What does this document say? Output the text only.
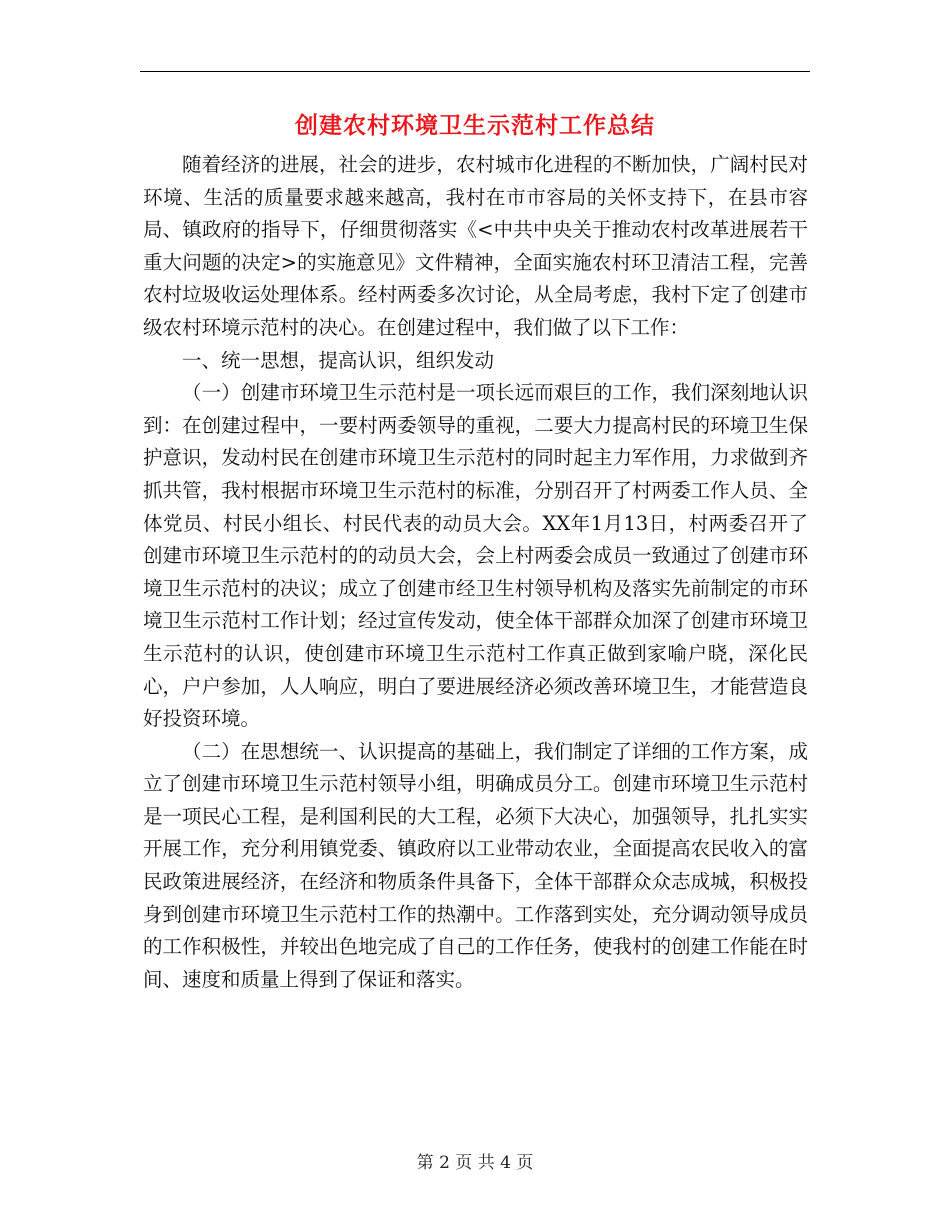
创建农村环境卫生示范村工作总结

随着经济的进展，社会的进步，农村城市化进程的不断加快，广阔村民对环境、生活的质量要求越来越高，我村在市市容局的关怀支持下，在县市容局、镇政府的指导下，仔细贯彻落实《<中共中央关于推动农村改革进展若干重大问题的决定>的实施意见》文件精神，全面实施农村环卫清洁工程，完善农村垃圾收运处理体系。经村两委多次讨论，从全局考虑，我村下定了创建市级农村环境示范村的决心。在创建过程中，我们做了以下工作：

一、统一思想，提高认识，组织发动

（一）创建市环境卫生示范村是一项长远而艰巨的工作，我们深刻地认识到：在创建过程中，一要村两委领导的重视，二要大力提高村民的环境卫生保护意识，发动村民在创建市环境卫生示范村的同时起主力军作用，力求做到齐抓共管，我村根据市环境卫生示范村的标准，分别召开了村两委工作人员、全体党员、村民小组长、村民代表的动员大会。XX年1月13日，村两委召开了创建市环境卫生示范村的的动员大会，会上村两委会成员一致通过了创建市环境卫生示范村的决议；成立了创建市经卫生村领导机构及落实先前制定的市环境卫生示范村工作计划；经过宣传发动，使全体干部群众加深了创建市环境卫生示范村的认识，使创建市环境卫生示范村工作真正做到家喻户晓，深化民心，户户参加，人人响应，明白了要进展经济必须改善环境卫生，才能营造良好投资环境。

（二）在思想统一、认识提高的基础上，我们制定了详细的工作方案，成立了创建市环境卫生示范村领导小组，明确成员分工。创建市环境卫生示范村是一项民心工程，是利国利民的大工程，必须下大决心，加强领导，扎扎实实开展工作，充分利用镇党委、镇政府以工业带动农业，全面提高农民收入的富民政策进展经济，在经济和物质条件具备下，全体干部群众众志成城，积极投身到创建市环境卫生示范村工作的热潮中。工作落到实处，充分调动领导成员的工作积极性，并较出色地完成了自己的工作任务，使我村的创建工作能在时间、速度和质量上得到了保证和落实。

第 2 页 共 4 页
